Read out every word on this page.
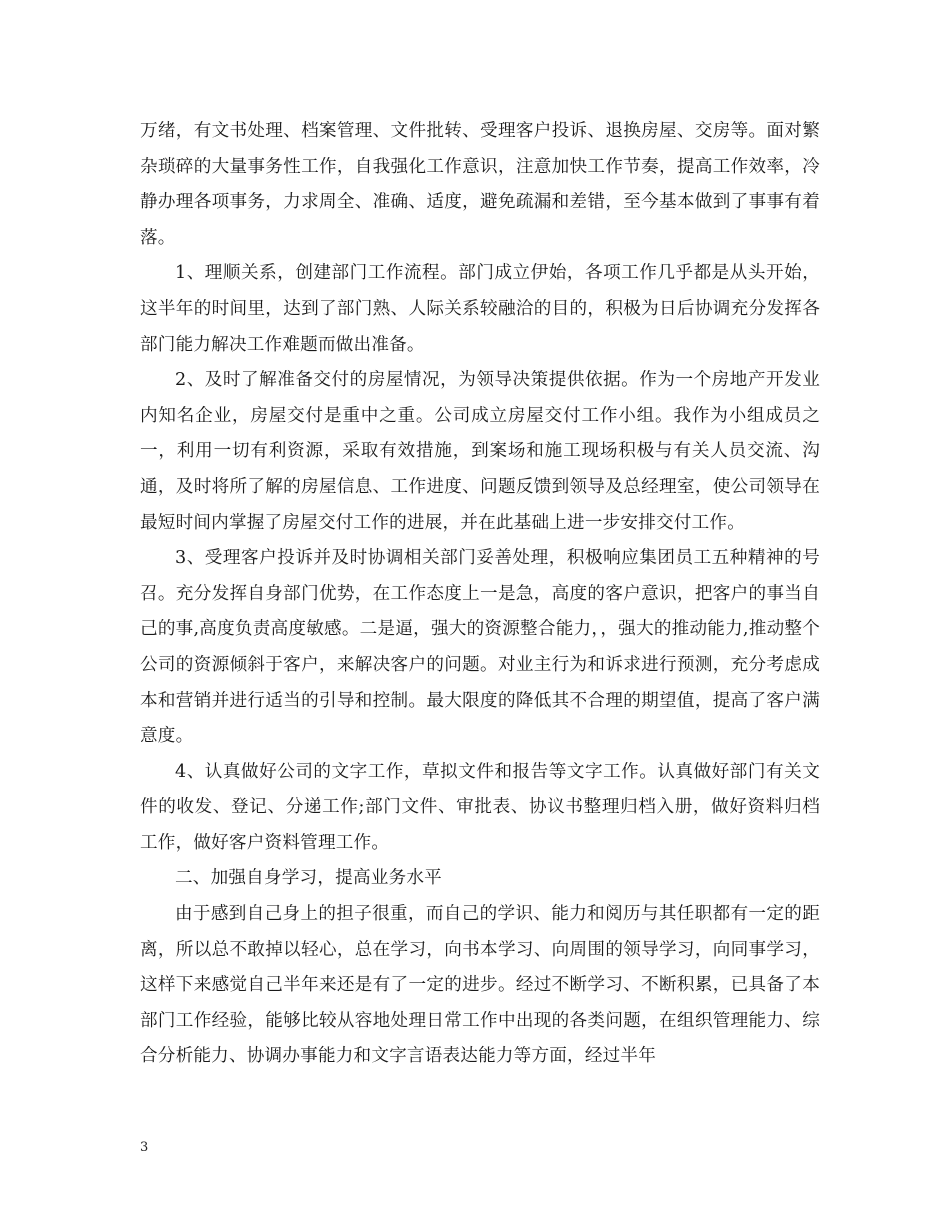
万绪，有文书处理、档案管理、文件批转、受理客户投诉、退换房屋、交房等。面对繁杂琐碎的大量事务性工作，自我强化工作意识，注意加快工作节奏，提高工作效率，冷静办理各项事务，力求周全、准确、适度，避免疏漏和差错，至今基本做到了事事有着落。

1、理顺关系，创建部门工作流程。部门成立伊始，各项工作几乎都是从头开始，这半年的时间里，达到了部门熟、人际关系较融洽的目的，积极为日后协调充分发挥各部门能力解决工作难题而做出准备。

2、及时了解准备交付的房屋情况，为领导决策提供依据。作为一个房地产开发业内知名企业，房屋交付是重中之重。公司成立房屋交付工作小组。我作为小组成员之一，利用一切有利资源，采取有效措施，到案场和施工现场积极与有关人员交流、沟通，及时将所了解的房屋信息、工作进度、问题反馈到领导及总经理室，使公司领导在最短时间内掌握了房屋交付工作的进展，并在此基础上进一步安排交付工作。

3、受理客户投诉并及时协调相关部门妥善处理，积极响应集团员工五种精神的号召。充分发挥自身部门优势，在工作态度上一是急，高度的客户意识，把客户的事当自己的事,高度负责高度敏感。二是逼，强大的资源整合能力，，强大的推动能力,推动整个公司的资源倾斜于客户，来解决客户的问题。对业主行为和诉求进行预测，充分考虑成本和营销并进行适当的引导和控制。最大限度的降低其不合理的期望值，提高了客户满意度。

4、认真做好公司的文字工作，草拟文件和报告等文字工作。认真做好部门有关文件的收发、登记、分递工作;部门文件、审批表、协议书整理归档入册，做好资料归档工作，做好客户资料管理工作。

二、加强自身学习，提高业务水平

由于感到自己身上的担子很重，而自己的学识、能力和阅历与其任职都有一定的距离，所以总不敢掉以轻心，总在学习，向书本学习、向周围的领导学习，向同事学习，这样下来感觉自己半年来还是有了一定的进步。经过不断学习、不断积累，已具备了本部门工作经验，能够比较从容地处理日常工作中出现的各类问题，在组织管理能力、综合分析能力、协调办事能力和文字言语表达能力等方面，经过半年

3
